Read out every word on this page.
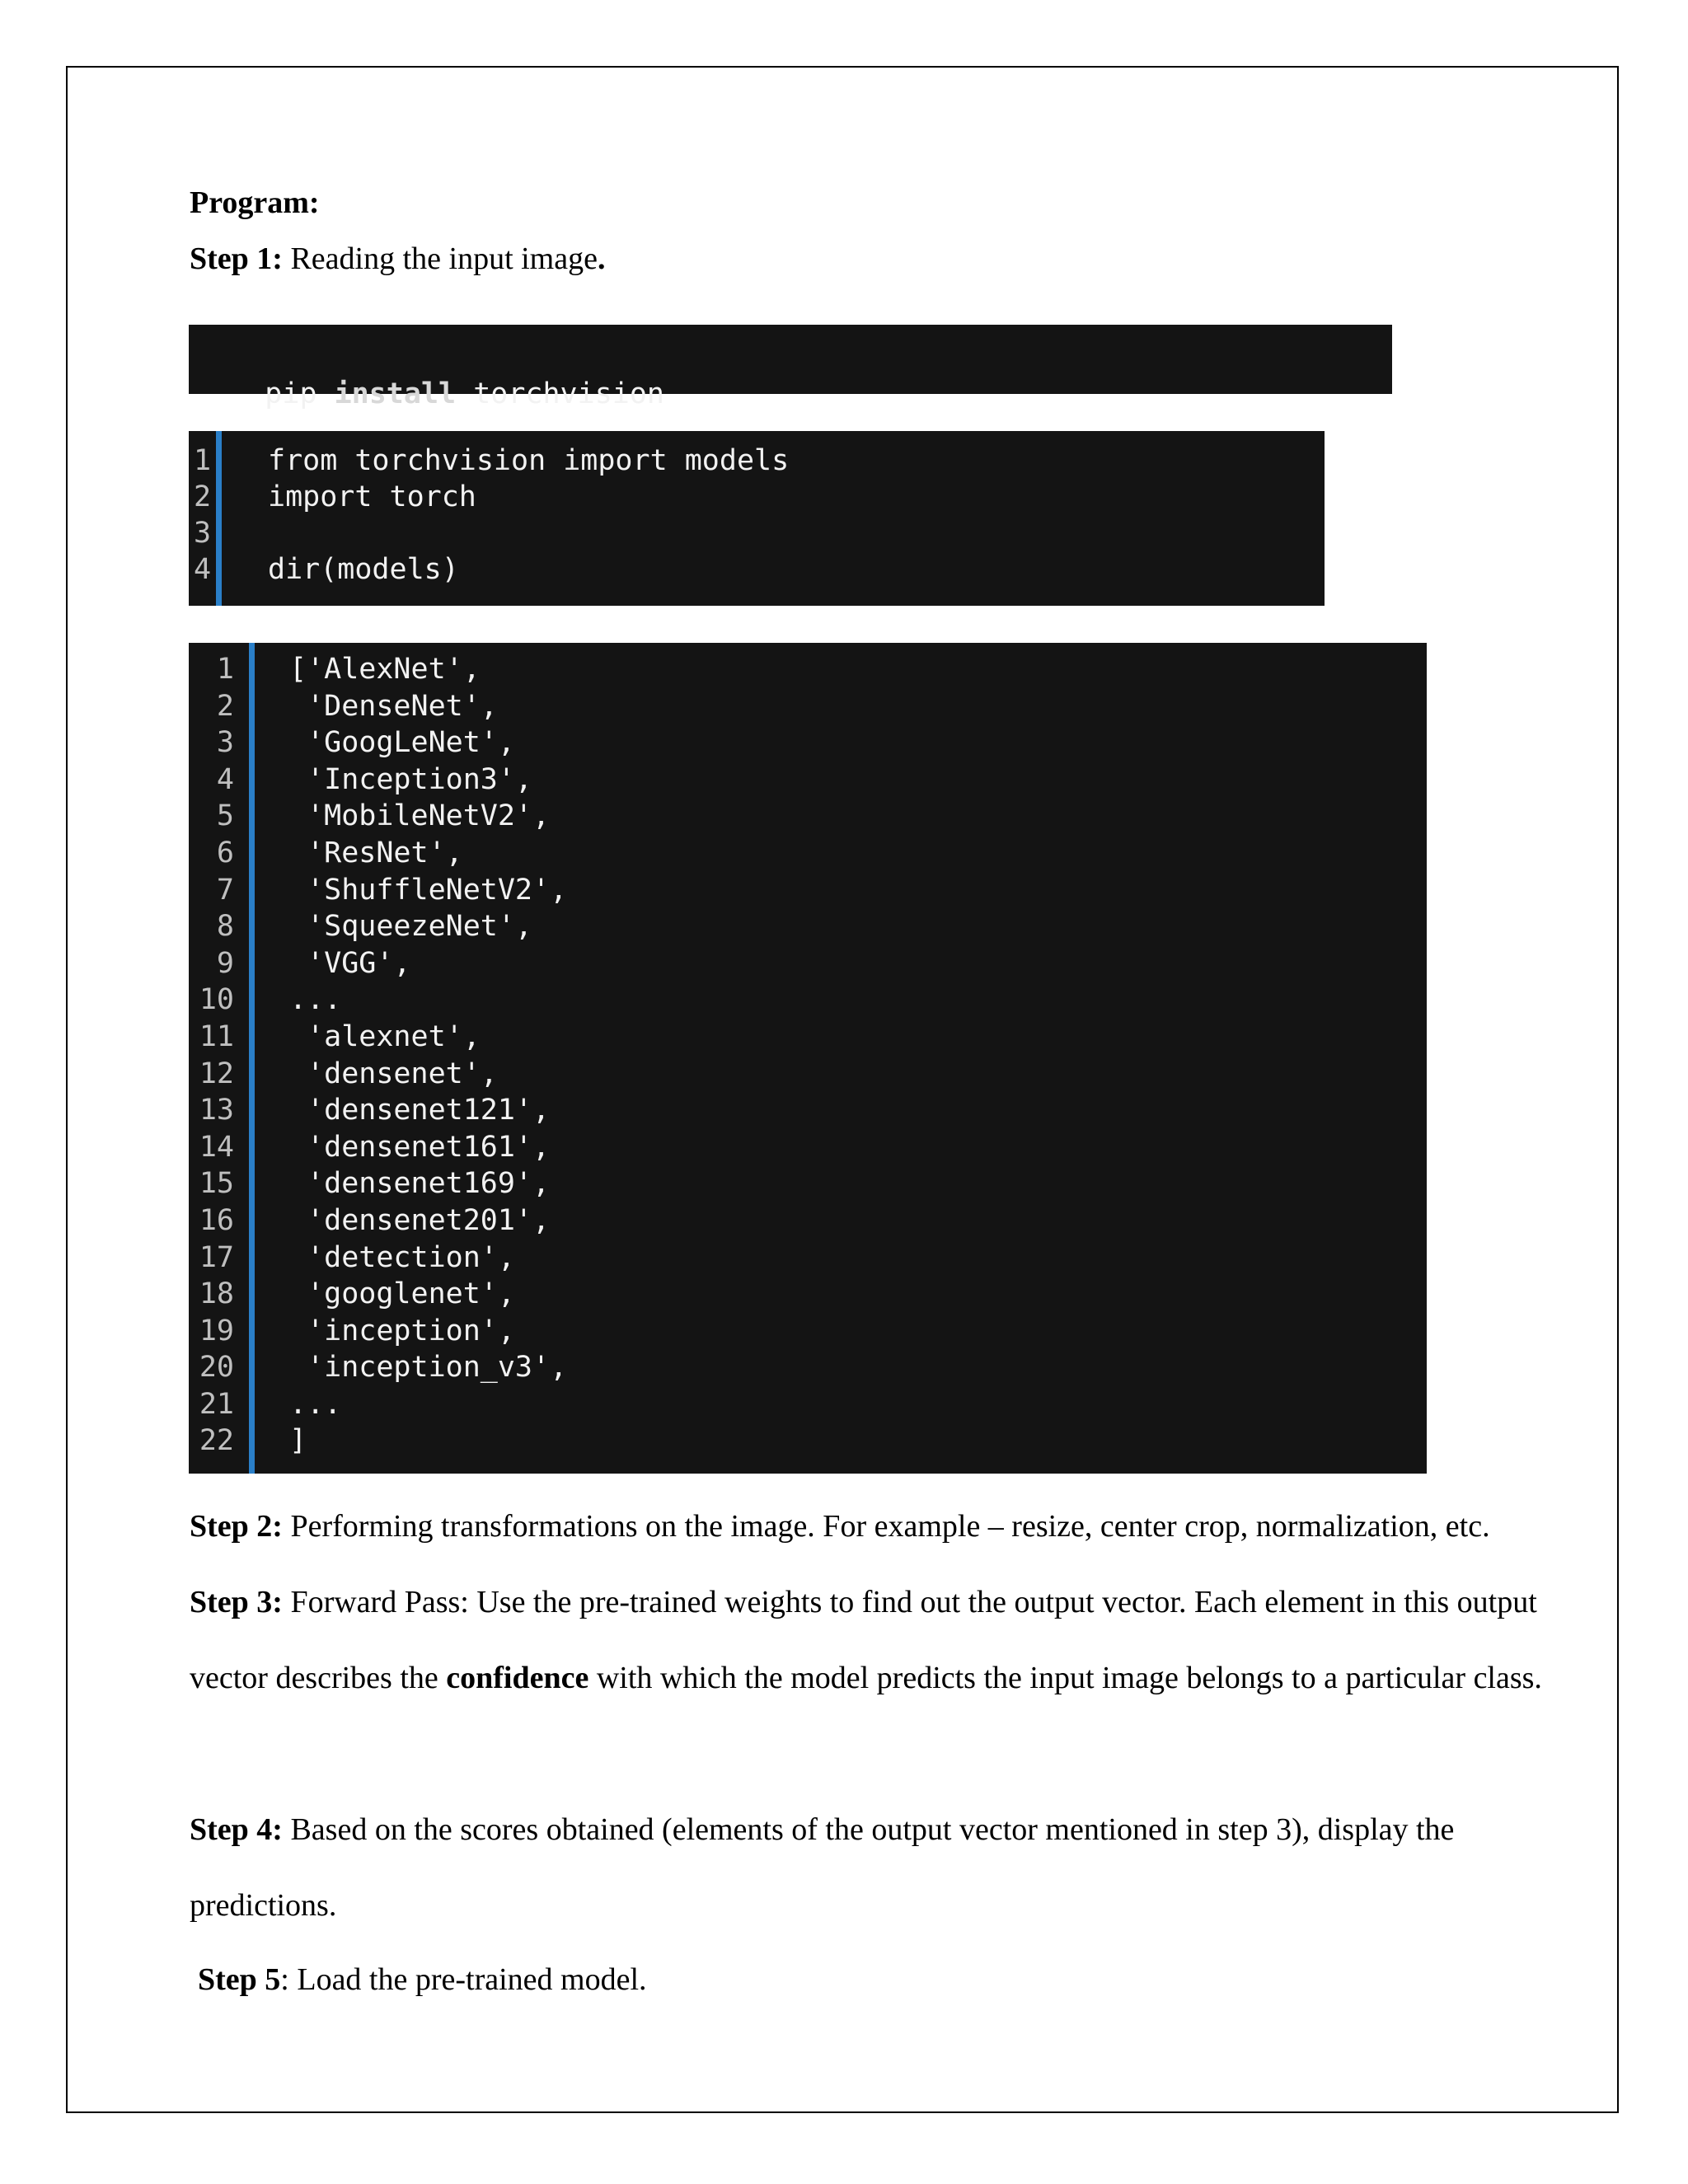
Program:
Step 1: Reading the input image.

pip install torchvision

1
2
3
4
from torchvision import models
import torch
dir(models)
1
2
3
4
5
6
7
8
9
10
11
12
13
14
15
16
17
18
19
20
21
22
['AlexNet',
'DenseNet',
'GoogLeNet',
'Inception3',
'MobileNetV2',
'ResNet',
'ShuffleNetV2',
'SqueezeNet',
'VGG',
...
'alexnet',
'densenet',
'densenet121',
'densenet161',
'densenet169',
'densenet201',
'detection',
'googlenet',
'inception',
'inception_v3',
...
]
Step 2: Performing transformations on the image. For example – resize, center crop, normalization, etc.
Step 3: Forward Pass: Use the pre-trained weights to find out the output vector. Each element in this output vector describes the confidence with which the model predicts the input image belongs to a particular class.
Step 4: Based on the scores obtained (elements of the output vector mentioned in step 3), display the predictions.
Step 5: Load the pre-trained model.
